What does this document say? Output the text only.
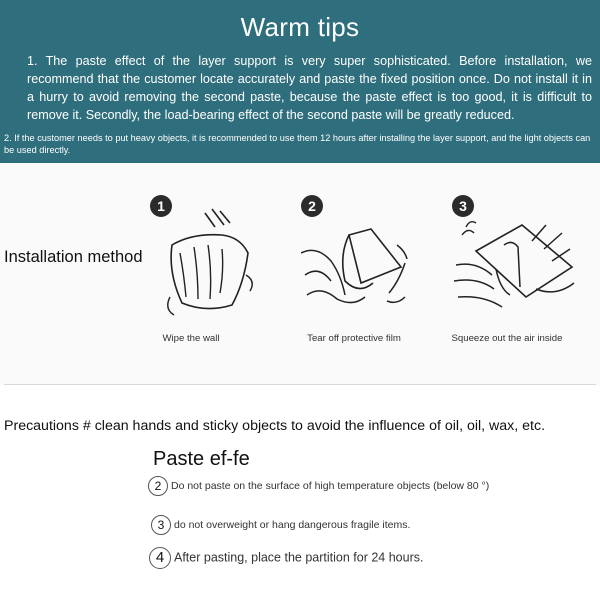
Warm tips
1. The paste effect of the layer support is very super sophisticated. Before installation, we recommend that the customer locate accurately and paste the fixed position once. Do not install it in a hurry to avoid removing the second paste, because the paste effect is too good, it is difficult to remove it. Secondly, the load-bearing effect of the second paste will be greatly reduced.
2. If the customer needs to put heavy objects, it is recommended to use them 12 hours after installing the layer support, and the light objects can be used directly.
Installation method
1
Wipe the wall
2
Tear off protective film
3
Squeeze out the air inside
Precautions # clean hands and sticky objects to avoid the influence of oil, oil, wax, etc.
Paste ef-fe
2 Do not paste on the surface of high temperature objects (below 80 °)
3 do not overweight or hang dangerous fragile items.
4 After pasting, place the partition for 24 hours.
